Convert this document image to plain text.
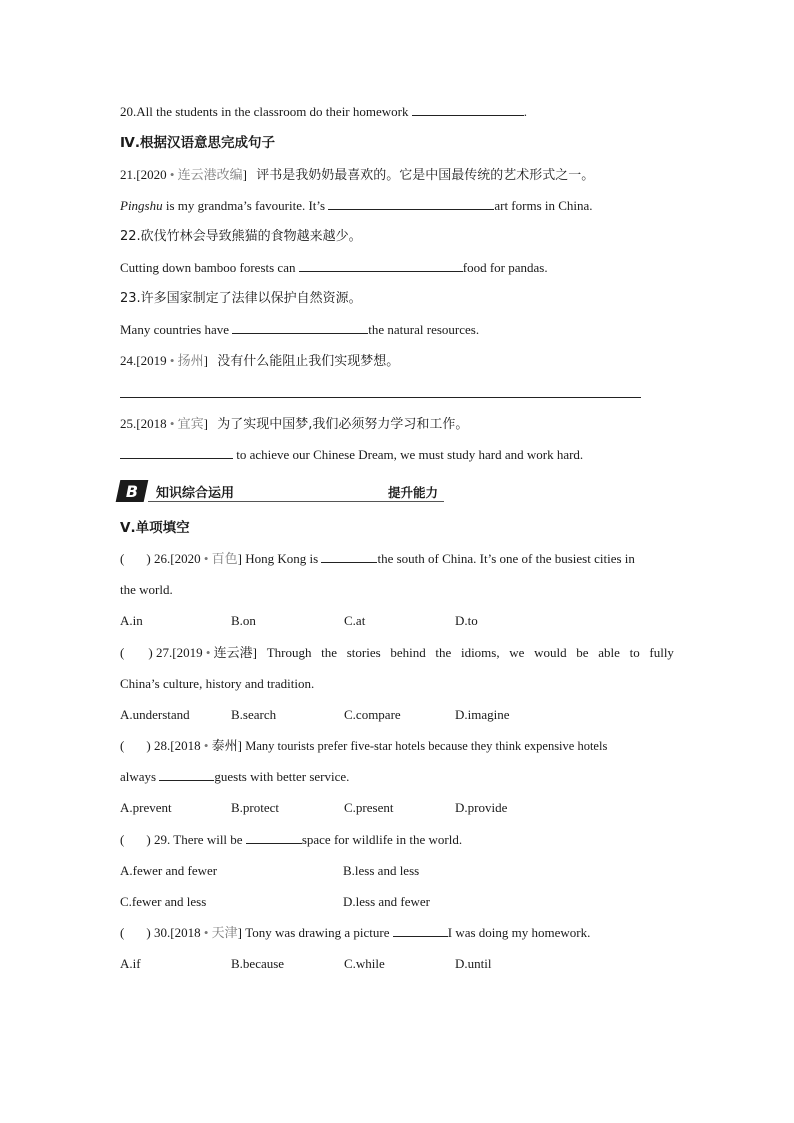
20.All the students in the classroom do their homework	.
Ⅳ.根据汉语意思完成句子
21.[2020 • 连云港改编] 评书是我奶奶最喜欢的。它是中国最传统的艺术形式之一。
Pingshu is my grandma’s favourite. It’s	art forms in China.
22.砍伐竹林会导致熊猫的食物越来越少。
Cutting down bamboo forests can	food for pandas.
23.许多国家制定了法律以保护自然资源。
Many countries have	the natural resources.
24.[2019 • 扬州] 没有什么能阻止我们实现梦想。
25.[2018 • 宜宾] 为了实现中国梦,我们必须努力学习和工作。
to achieve our Chinese Dream, we must study hard and work hard.
B 知识综合运用	提升能力
Ⅴ.单项填空
( ) 26.[2020 • 百色] Hong Kong is	the south of China. It’s one of the busiest cities in
the world.
A.in	B.on	C.at	D.to
( ) 27.[2019 • 连云港] Through the stories behind the idioms, we would be able to fully
China’s culture, history and tradition.
A.understand	B.search	C.compare	D.imagine
( ) 28.[2018 • 泰州] Many tourists prefer five-star hotels because they think expensive hotels
always	guests with better service.
A.prevent	B.protect	C.present	D.provide
( ) 29. There will be	space for wildlife in the world.
A.fewer and fewer	B.less and less
C.fewer and less	D.less and fewer
( ) 30.[2018 • 天津] Tony was drawing a picture	I was doing my homework.
A.if	B.because	C.while	D.until
